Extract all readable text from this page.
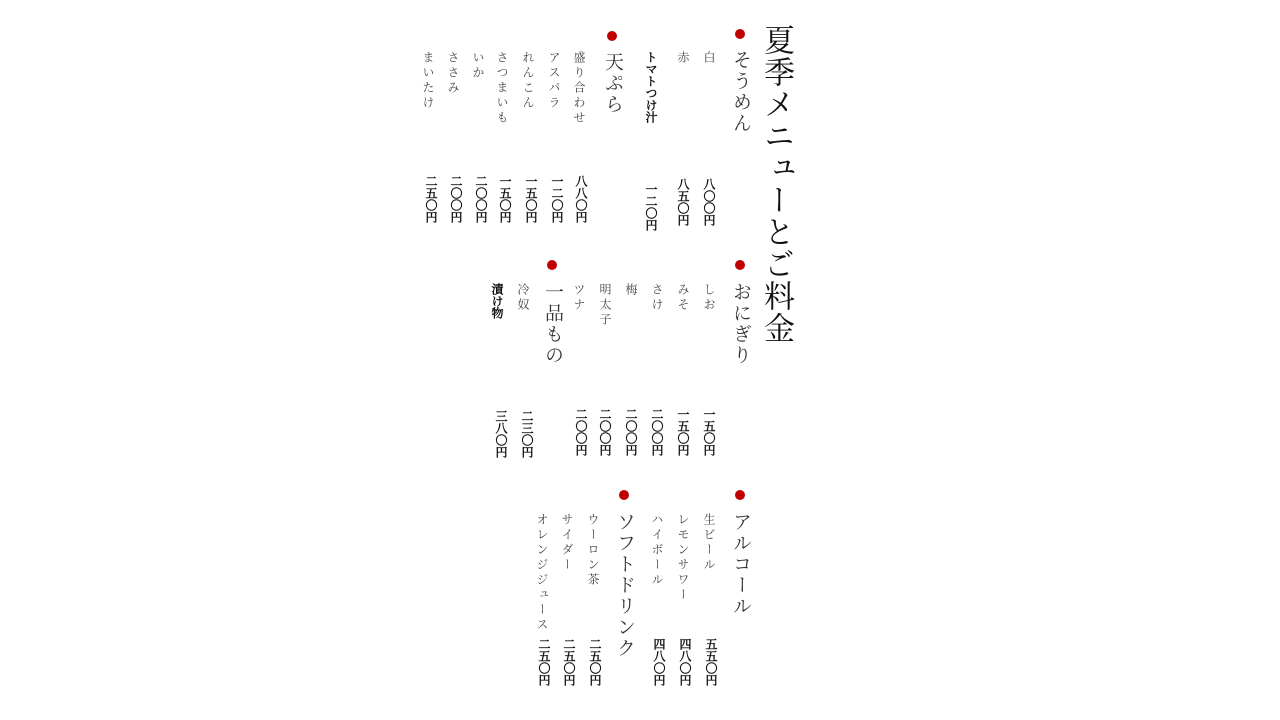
夏季メニューとご料金
そうめん
白
八〇〇円
赤
八五〇円
トマトつけ汁
一二〇円
天ぷら
盛り合わせ
八八〇円
アスパラ
一二〇円
れんこん
一五〇円
さつまいも
一五〇円
いか
二〇〇円
ささみ
二〇〇円
まいたけ
二五〇円
おにぎり
しお
一五〇円
みそ
一五〇円
さけ
二〇〇円
梅
二〇〇円
明太子
二〇〇円
ツナ
二〇〇円
一品もの
冷奴
二三〇円
漬け物
三八〇円
アルコール
生ビール
五五〇円
レモンサワー
四八〇円
ハイボール
四八〇円
ソフトドリンク
ウーロン茶
二五〇円
サイダー
二五〇円
オレンジジュース
二五〇円
